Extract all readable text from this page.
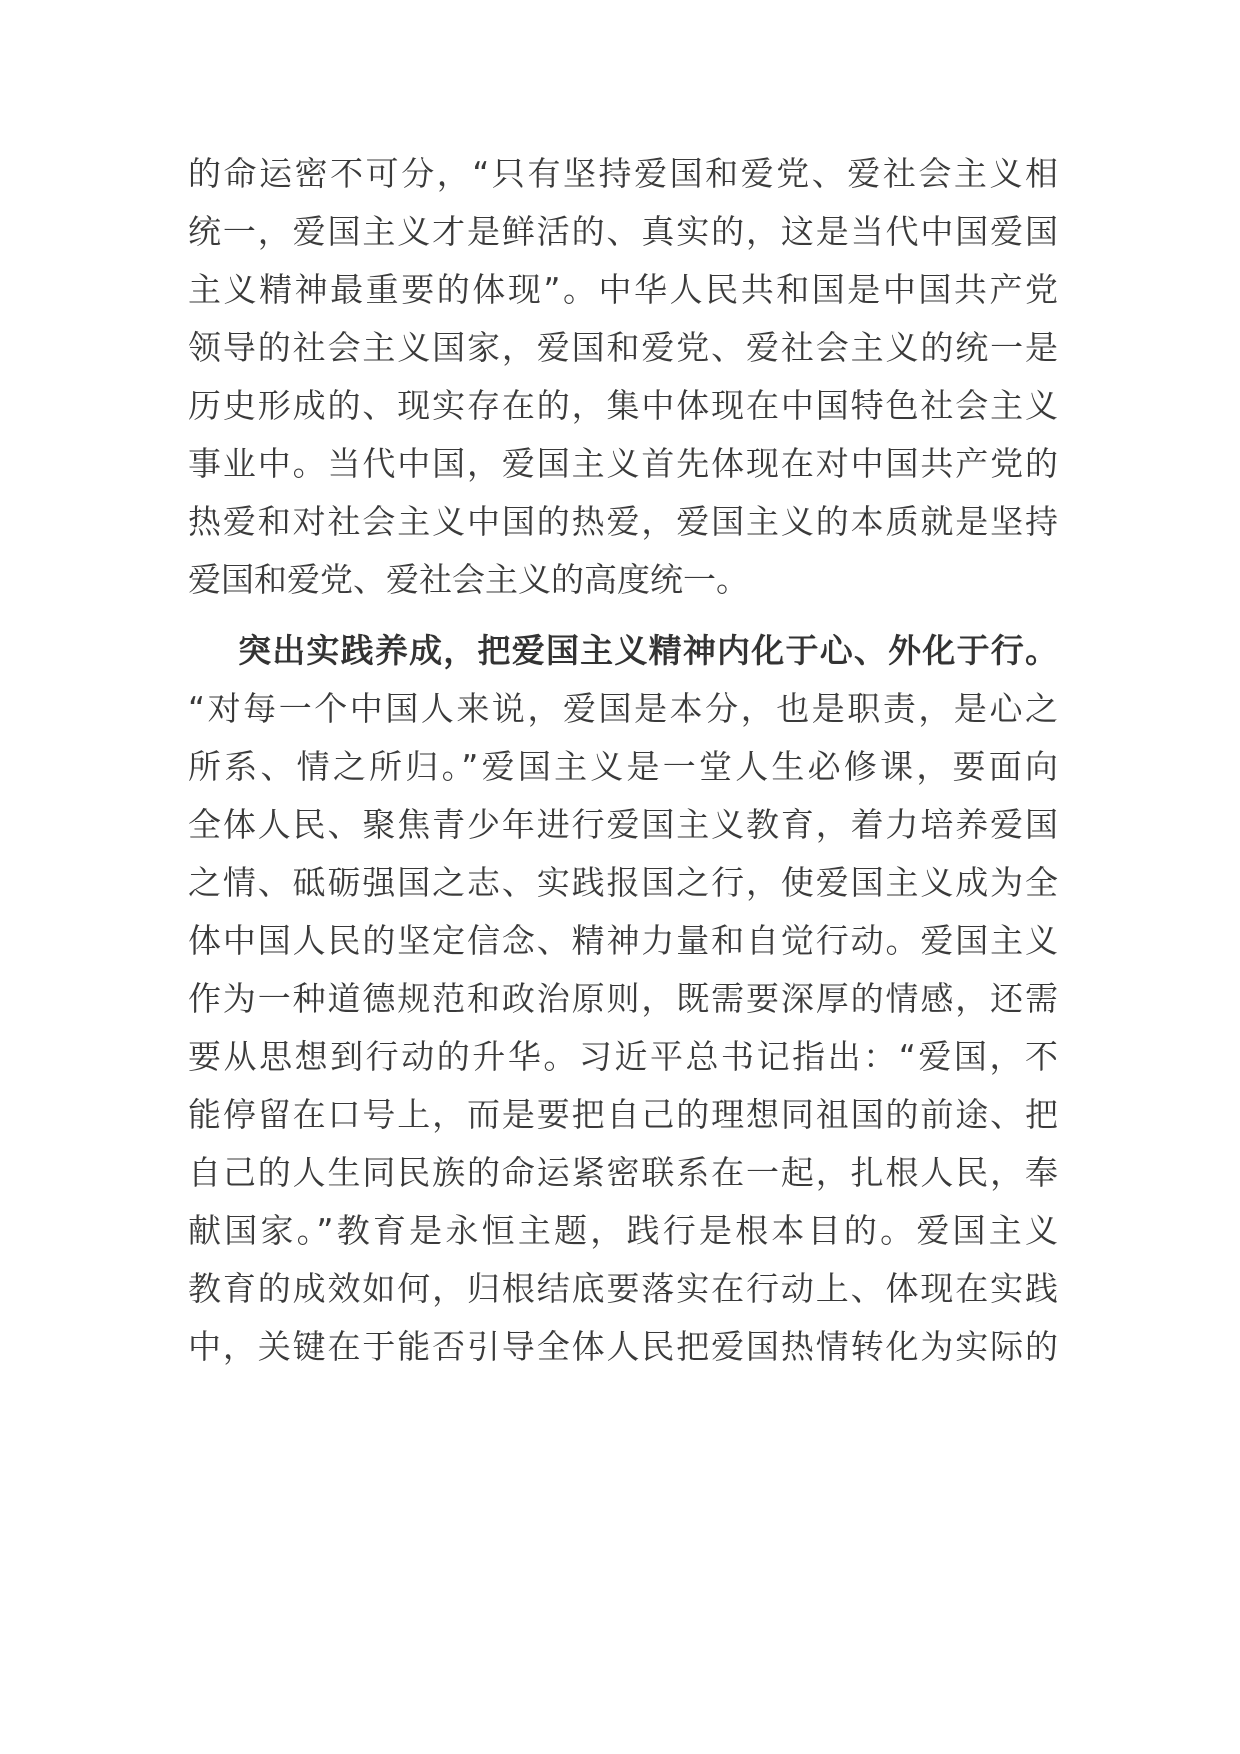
的命运密不可分，“只有坚持爱国和爱党、爱社会主义相
统一，爱国主义才是鲜活的、真实的，这是当代中国爱国
主义精神最重要的体现”。中华人民共和国是中国共产党
领导的社会主义国家，爱国和爱党、爱社会主义的统一是
历史形成的、现实存在的，集中体现在中国特色社会主义
事业中。当代中国，爱国主义首先体现在对中国共产党的
热爱和对社会主义中国的热爱，爱国主义的本质就是坚持
爱国和爱党、爱社会主义的高度统一。
突出实践养成，把爱国主义精神内化于心、外化于行。
“对每一个中国人来说，爱国是本分，也是职责，是心之
所系、情之所归。”爱国主义是一堂人生必修课，要面向
全体人民、聚焦青少年进行爱国主义教育，着力培养爱国
之情、砥砺强国之志、实践报国之行，使爱国主义成为全
体中国人民的坚定信念、精神力量和自觉行动。爱国主义
作为一种道德规范和政治原则，既需要深厚的情感，还需
要从思想到行动的升华。习近平总书记指出：“爱国，不
能停留在口号上，而是要把自己的理想同祖国的前途、把
自己的人生同民族的命运紧密联系在一起，扎根人民，奉
献国家。”教育是永恒主题，践行是根本目的。爱国主义
教育的成效如何，归根结底要落实在行动上、体现在实践
中，关键在于能否引导全体人民把爱国热情转化为实际的
